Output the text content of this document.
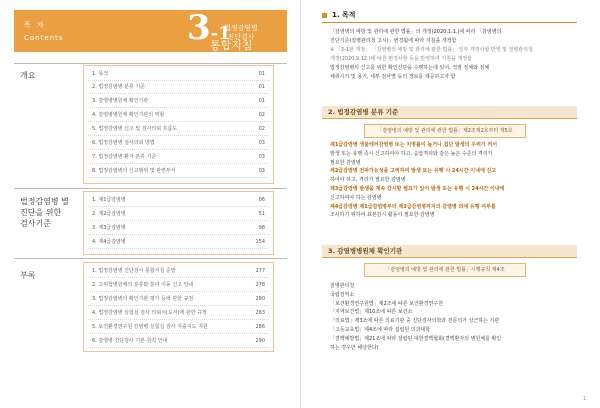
목 차
Contents	3-1
법정감염병
진단검사
통합지침
개요	1. 목적	01
2. 법정감염병 분류 기준	01
3. 감염병병원체 확인기관	01
4. 감염병병원체 확인기관의 역할	02
5. 법정감염병 신고 및 검사의뢰 흐름도	02
6. 법정감염병 검사의뢰 방법	03
7. 법정감염병 환자 분류 기준	03
8. 법정감염병의 신고범위 및 관련부서	03
법정감염병 별
진단을 위한
검사기준
1. 제1급감염병	06
2. 제2급감염병	51
3. 제3급감염병	98
4. 제4급감염병	154
부록	1. 법정감염병 진단검사 통합지침 준말	277
2. 고위험병원체의 분류와 분리 이동 신고 안내	278
3. 법정감염병의 확인기관 평가 등에 관한 규정	280
4. 법정감염병 실험실 검사 의뢰서(도서)에 관한 규정	283
5. 보건환경연구원 감염병 실험실 검사 지출지도 지원	286
6. 감염병 진단검사 기본 원칙 안내	290
1. 목적
「감염병의 예방 및 관리에 관한 법률」의 개정(2020.1.1.)에 따라 「감염병의
진단기준(질병관리청 고시)」변경됨에 따라 지침을 개정함
※ 「3-1판 개정」 「감염병의 예방 및 관리에 관한 법률」 일부 개정사항 반영 및 질병관리청
개정(2020.9.12.)에 따른 변경사항 등을 반영하여 지침을 개정함
법정감염병의 신고를 위한 확인진단을 수행하는데 있어, 적절 검체와 검체
채취시기 및 용기, 세부 검사별 등의 정보를 제공하고자 함
2. 법정감염병 분류 기준
「감염병의 예방 및 관리에 관한 법률」제2조제2호부터 제5호
제1급감염병 생물테러감염병 또는 치명률이 높거나 집단 발생의 우려가 커서
발생 또는 유행 즉시 신고하여야 하고, 음압격리와 같은 높은 수준의 격리가
필요한 감염병
제2급감염병 전파가능성을 고려하여 발생 또는 유행 시 24시간 이내에 신고
하여야 하고, 격리가 필요한 감염병
제3급감염병 발생을 계속 감시할 필요가 있어 발생 또는 유행 시 24시간 이내에
신고하여야 하는 감염병
제4급감염병 제1급감염병부터 제3급감염병까지의 감염병 외에 유행 여부를
조사하기 위하여 표본감시 활동이 필요한 감염병
3. 감염병병원체 확인기관
「감염병의 예방 및 관리에 관한 법률」시행규칙 제4조
질병관리청
국립검역소
「보건환경연구원법」제2조에 따른 보건환경연구원
「지역보건법」제10조에 따른 보건소
「의료법」제3조에 따른 의료기관 중 진단검사의학과 전문의가 상근하는 기관
「고등교육법」제4조에 따라 설립된 의과대학
「결핵예방법」제21조에 따라 설립된 대한결핵협회(결핵환자의 병원체를 확인
하는 경우만 해당한다)
1
